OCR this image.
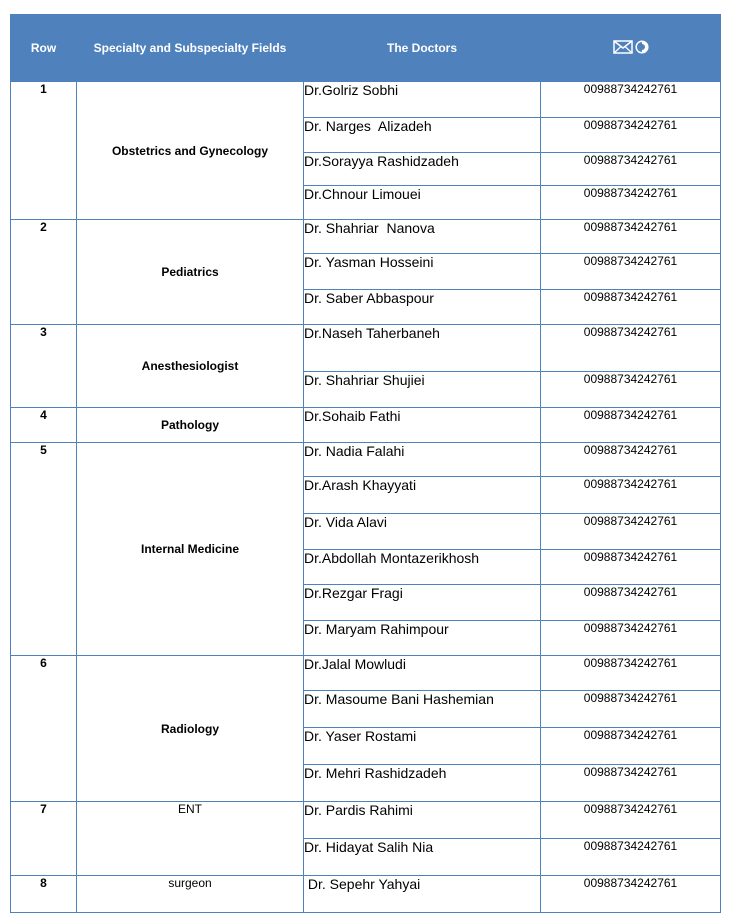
Row	Specialty and Subspecialty Fields	The Doctors	

1	Obstetrics and Gynecology	Dr.Golriz Sobhi	00988734242761
		Dr. Narges  Alizadeh	00988734242761
		Dr.Sorayya Rashidzadeh	00988734242761
		Dr.Chnour Limouei	00988734242761
2	Pediatrics	Dr. Shahriar  Nanova	00988734242761
		Dr. Yasman Hosseini	00988734242761
		Dr. Saber Abbaspour	00988734242761
3	Anesthesiologist	Dr.Naseh Taherbaneh	00988734242761
		Dr. Shahriar Shujiei	00988734242761
4	Pathology	Dr.Sohaib Fathi	00988734242761
5	Internal Medicine	Dr. Nadia Falahi	00988734242761
		Dr.Arash Khayyati	00988734242761
		Dr. Vida Alavi	00988734242761
		Dr.Abdollah Montazerikhosh	00988734242761
		Dr.Rezgar Fragi	00988734242761
		Dr. Maryam Rahimpour	00988734242761
6	Radiology	Dr.Jalal Mowludi	00988734242761
		Dr. Masoume Bani Hashemian	00988734242761
		Dr. Yaser Rostami	00988734242761
		Dr. Mehri Rashidzadeh	00988734242761
7	ENT	Dr. Pardis Rahimi	00988734242761
		Dr. Hidayat Salih Nia	00988734242761
8	surgeon	Dr. Sepehr Yahyai	00988734242761
